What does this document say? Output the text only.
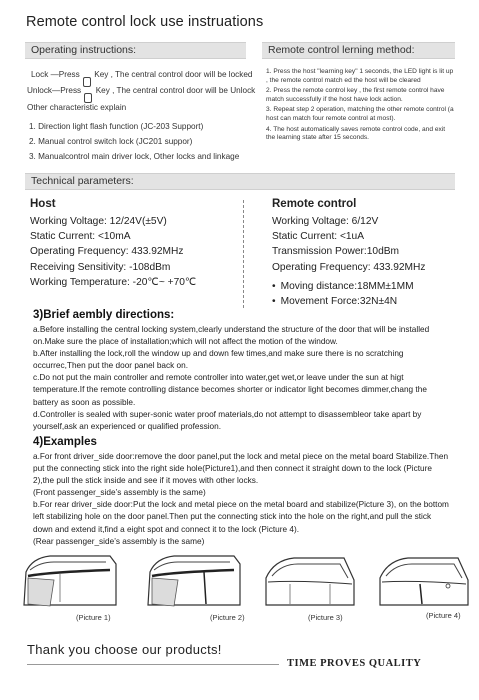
Remote control lock use instruations
Operating instructions:
Lock —Press  Key , The central control door will be locked
Unlock—Press  Key , The central control door will be Unlock
Other characteristic explain
1. Direction light flash function (JC-203 Support)
2. Manual control switch lock (JC201 suppor)
3. Manualcontrol main driver lock, Other locks and linkage
Remote control lerning method:
1. Press the host "learning key" 1 seconds, the LED light is lit up , the remote control match ed the host will be cleared
2. Press the remote control key , the first remote control have match successfully if the host have lock action.
3. Repeat step 2 operation, matching the other remote control (a host can match four remote control at most).
4. The host automatically saves remote control code, and exit the learning state after 15 seconds.
Technical parameters:
Host
Working Voltage: 12/24V(±5V)
Static Current: <10mA
Operating Frequency: 433.92MHz
Receiving Sensitivity: -108dBm
Working Temperature: -20℃~ +70℃
Remote control
Working Voltage: 6/12V
Static Current: <1uA
Transmission Power:10dBm
Operating Frequency: 433.92MHz
• Moving distance:18MM±1MM
• Movement Force:32N±4N
3)Brief aembly directions:

a.Before installing the central locking system,clearly understand the structure of the door that will be installed on.Make sure the place of installation;which will not affect the motion of the window.

b.After installing the lock,roll the window up and down few times,and make sure there is no scratching occurrec,Then put the door panel back on.

c.Do not put the main controller and remote controller into water,get wet,or leave under the sun at higt temperature.If the remote controlling distance becomes shorter or indicator light becomes dimmer,chang the battery as soon as possible.

d.Controller is sealed with super-sonic water proof materials,do not attempt to disassembleor take apart by yourself,ask an experienced or qualified profession.

4)Examples

a.For front driver_side door:remove the door panel,put the lock and metal piece on the metal board Stabilize.Then put the connecting stick into the right side hole(Picture1),and then connect it straight down to the lock (Picture 2),the pull the stick inside and see if it moves with other locks.

(Front passenger_side’s assembly is the same)

b.For rear driver_side door:Put the lock and metal piece on the metal board and stabilize(Picture 3), on the bottom left stabilizing hole on the door panel.Then put the connecting stick into the hole on the right,and pull the stick down and extend it,find a eight spot and connect it to the lock (Picture 4).

(Rear passenger_side’s assembly is the same)

(Picture 1)	(Picture 2)	(Picture 3)	(Picture 4)
Thank you choose our products!
TIME PROVES QUALITY
